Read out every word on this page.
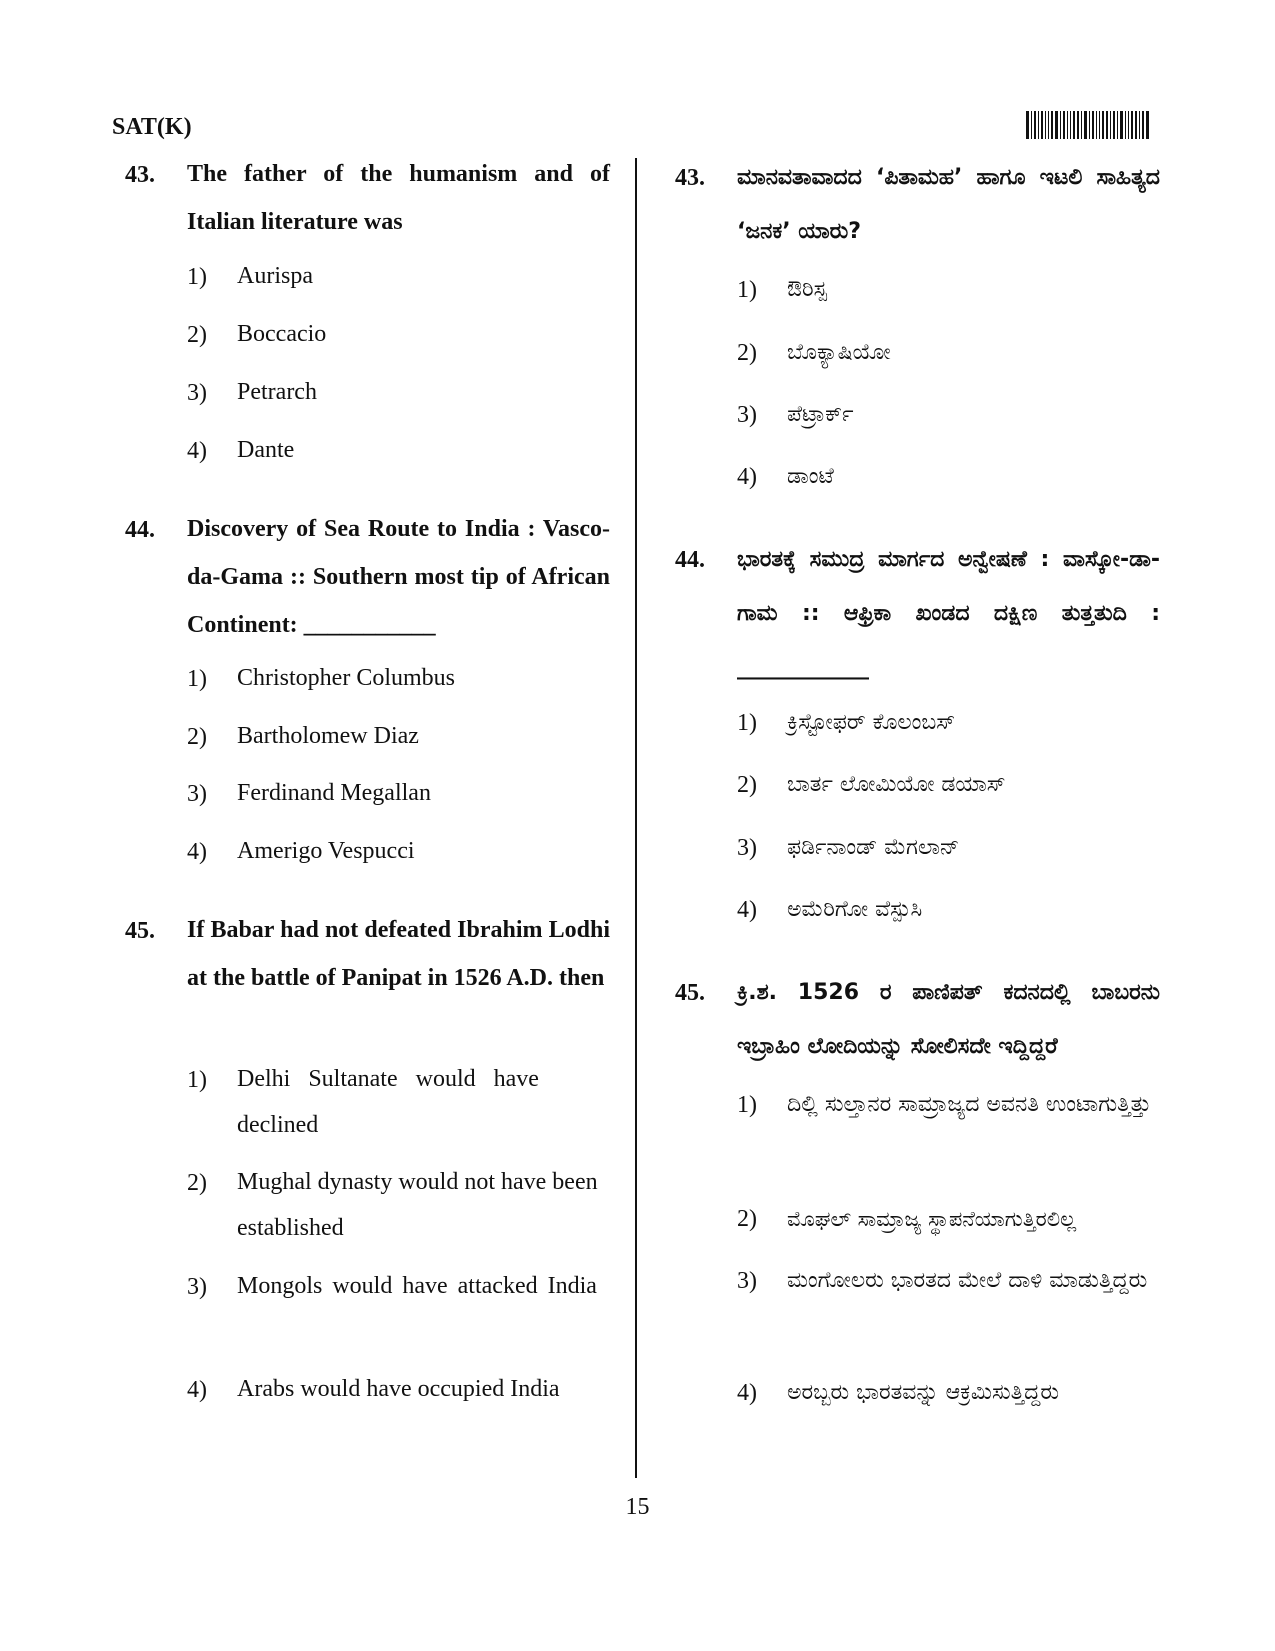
SAT(K)
43. The father of the humanism and of Italian literature was
1) Aurispa
2) Boccacio
3) Petrarch
4) Dante
44. Discovery of Sea Route to India : Vasco-da-Gama :: Southern most tip of African Continent: ___________
1) Christopher Columbus
2) Bartholomew Diaz
3) Ferdinand Megallan
4) Amerigo Vespucci
45. If Babar had not defeated Ibrahim Lodhi at the battle of Panipat in 1526 A.D. then
1) Delhi Sultanate would have declined
2) Mughal dynasty would not have been established
3) Mongols would have attacked India
4) Arabs would have occupied India
43. ಮಾನವತಾವಾದದ ‘ಪಿತಾಮಹ’ ಹಾಗೂ ಇಟಲಿ ಸಾಹಿತ್ಯದ ‘ಜನಕ’ ಯಾರು?
1) ಔರಿಸ್ಪ
2) ಬೊಕ್ಯಾಷಿಯೋ
3) ಪೆಟ್ರಾರ್ಕ್
4) ಡಾಂಟೆ
44. ಭಾರತಕ್ಕೆ ಸಮುದ್ರ ಮಾರ್ಗದ ಅನ್ವೇಷಣೆ : ವಾಸ್ಕೋ-ಡಾ-ಗಾಮ :: ಆಫ್ರಿಕಾ ಖಂಡದ ದಕ್ಷಿಣ ತುತ್ತತುದಿ : ____________
1) ಕ್ರಿಸ್ಟೋಫರ್ ಕೊಲಂಬಸ್
2) ಬಾರ್ತ ಲೋಮಿಯೋ ಡಯಾಸ್
3) ಫರ್ಡಿನಾಂಡ್ ಮೆಗಲಾನ್
4) ಅಮೆರಿಗೋ ವೆಸ್ಪುಸಿ
45. ಕ್ರಿ.ಶ. 1526 ರ ಪಾಣಿಪತ್ ಕದನದಲ್ಲಿ ಬಾಬರನು ಇಬ್ರಾಹಿಂ ಲೋದಿಯನ್ನು ಸೋಲಿಸದೇ ಇದ್ದಿದ್ದರೆ
1) ದಿಲ್ಲಿ ಸುಲ್ತಾನರ ಸಾಮ್ರಾಜ್ಯದ ಅವನತಿ ಉಂಟಾಗುತ್ತಿತ್ತು
2) ಮೊಘಲ್ ಸಾಮ್ರಾಜ್ಯ ಸ್ಥಾಪನೆಯಾಗುತ್ತಿರಲಿಲ್ಲ
3) ಮಂಗೋಲರು ಭಾರತದ ಮೇಲೆ ದಾಳಿ ಮಾಡುತ್ತಿದ್ದರು
4) ಅರಬ್ಬರು ಭಾರತವನ್ನು ಆಕ್ರಮಿಸುತ್ತಿದ್ದರು
15
